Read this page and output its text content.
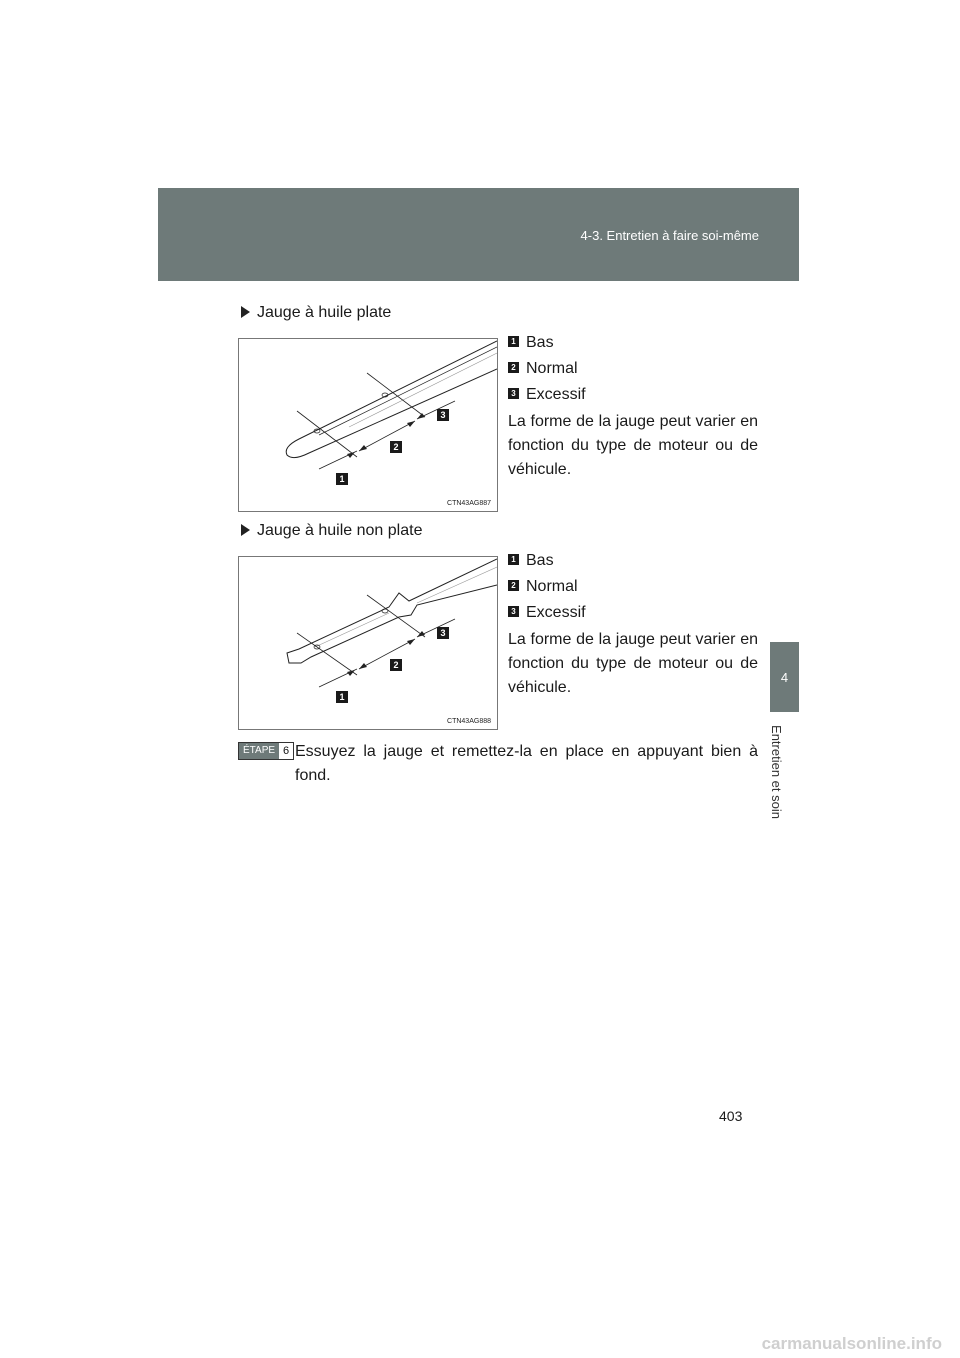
4-3. Entretien à faire soi-même
4
Entretien et soin
Jauge à huile plate
1
2
3
CTN43AG887
1 Bas
2 Normal
3 Excessif
La forme de la jauge peut varier en fonction du type de moteur ou de véhicule.
Jauge à huile non plate
1
2
3
CTN43AG888
1 Bas
2 Normal
3 Excessif
La forme de la jauge peut varier en fonction du type de moteur ou de véhicule.
ÉTAPE 6 Essuyez la jauge et remettez-la en place en appuyant bien à fond.
403
carmanualsonline.info
